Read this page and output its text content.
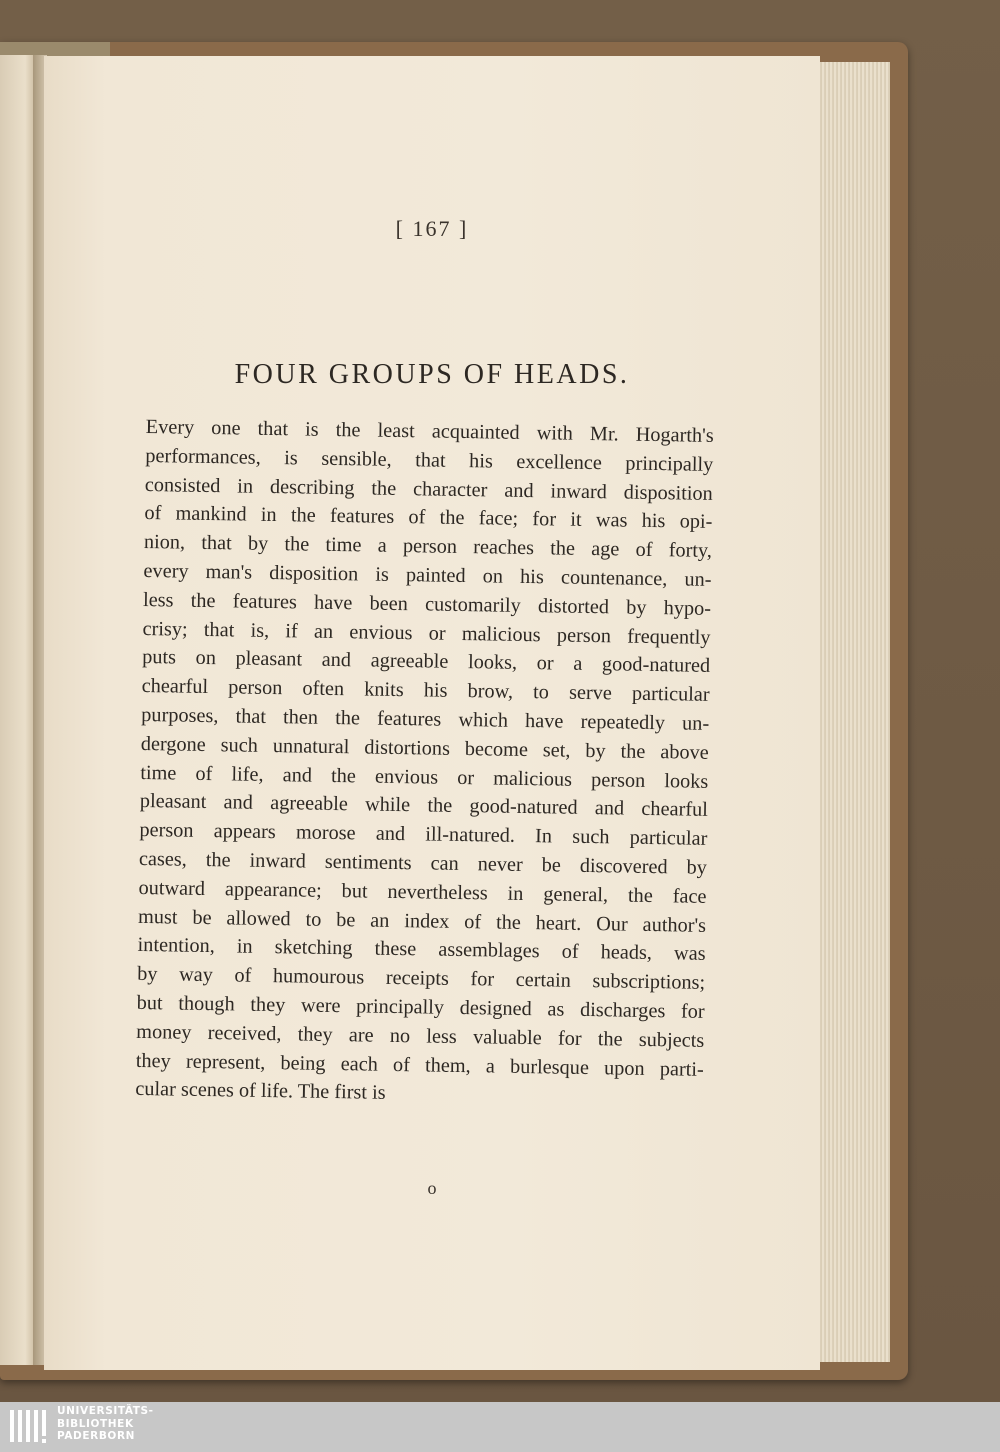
[ 167 ]
FOUR GROUPS OF HEADS.
Every one that is the least acquainted with Mr. Hogarth's
performances, is sensible, that his excellence principally
consisted in describing the character and inward disposition
of mankind in the features of the face; for it was his opi-
nion, that by the time a person reaches the age of forty,
every man's disposition is painted on his countenance, un-
less the features have been customarily distorted by hypo-
crisy; that is, if an envious or malicious person frequently
puts on pleasant and agreeable looks, or a good-natured
chearful person often knits his brow, to serve particular
purposes, that then the features which have repeatedly un-
dergone such unnatural distortions become set, by the above
time of life, and the envious or malicious person looks
pleasant and agreeable while the good-natured and chearful
person appears morose and ill-natured. In such particular
cases, the inward sentiments can never be discovered by
outward appearance; but nevertheless in general, the face
must be allowed to be an index of the heart. Our author's
intention, in sketching these assemblages of heads, was
by way of humourous receipts for certain subscriptions;
but though they were principally designed as discharges for
money received, they are no less valuable for the subjects
they represent, being each of them, a burlesque upon parti-
cular scenes of life. The first is
o
UNIVERSITÄTS-
BIBLIOTHEK
PADERBORN
